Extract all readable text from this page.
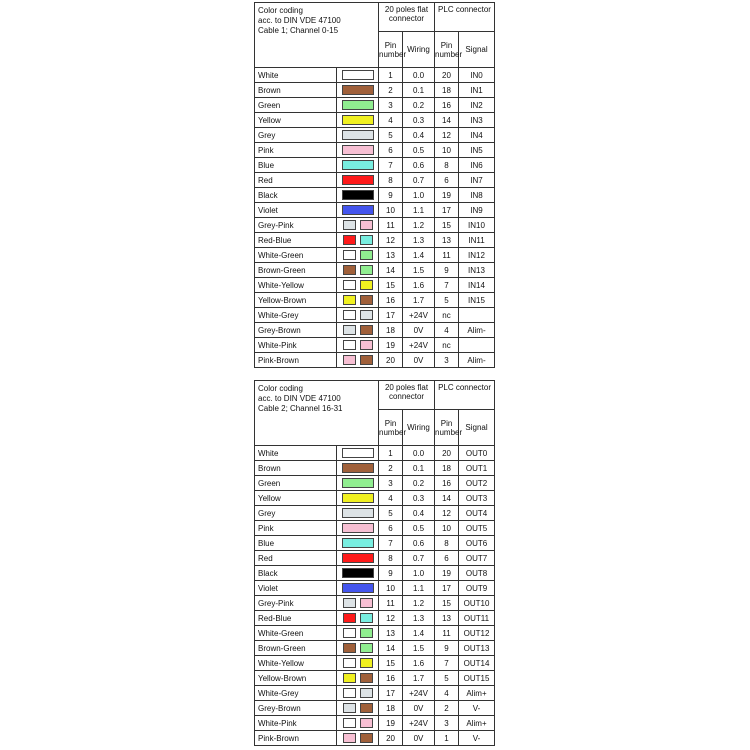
Color coding
acc. to DIN VDE 47100
Cable 1; Channel 0-15		20 poles flat connector		PLC connector	
		Pin number	Wiring	Pin number	Signal
White		1	0.0	20	IN0
Brown		2	0.1	18	IN1
Green		3	0.2	16	IN2
Yellow		4	0.3	14	IN3
Grey		5	0.4	12	IN4
Pink		6	0.5	10	IN5
Blue		7	0.6	8	IN6
Red		8	0.7	6	IN7
Black		9	1.0	19	IN8
Violet		10	1.1	17	IN9
Grey-Pink		11	1.2	15	IN10
Red-Blue		12	1.3	13	IN11
White-Green		13	1.4	11	IN12
Brown-Green		14	1.5	9	IN13
White-Yellow		15	1.6	7	IN14
Yellow-Brown		16	1.7	5	IN15
White-Grey		17	+24V	nc	
Grey-Brown		18	0V	4	Alim-
White-Pink		19	+24V	nc	
Pink-Brown		20	0V	3	Alim-
Color coding
acc. to DIN VDE 47100
Cable 2; Channel 16-31		20 poles flat connector		PLC connector	
		Pin number	Wiring	Pin number	Signal
White		1	0.0	20	OUT0
Brown		2	0.1	18	OUT1
Green		3	0.2	16	OUT2
Yellow		4	0.3	14	OUT3
Grey		5	0.4	12	OUT4
Pink		6	0.5	10	OUT5
Blue		7	0.6	8	OUT6
Red		8	0.7	6	OUT7
Black		9	1.0	19	OUT8
Violet		10	1.1	17	OUT9
Grey-Pink		11	1.2	15	OUT10
Red-Blue		12	1.3	13	OUT11
White-Green		13	1.4	11	OUT12
Brown-Green		14	1.5	9	OUT13
White-Yellow		15	1.6	7	OUT14
Yellow-Brown		16	1.7	5	OUT15
White-Grey		17	+24V	4	Alim+
Grey-Brown		18	0V	2	V-
White-Pink		19	+24V	3	Alim+
Pink-Brown		20	0V	1	V-
